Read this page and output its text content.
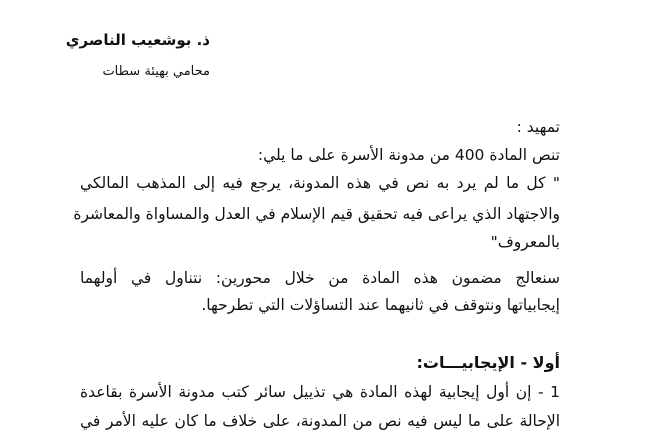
ذ. بوشعيب الناصري
محامي بهيئة سطات
تمهيد :
تنص المادة 400 من مدونة الأسرة على ما يلي:
" كل ما لم يرد به نص في هذه المدونة، يرجع فيه إلى المذهب المالكي
والاجتهاد الذي يراعى فيه تحقيق قيم الإسلام في العدل والمساواة والمعاشرة
بالمعروف"
سنعالج مضمون هذه المادة من خلال محورين: نتناول في أولهما
إيجابياتها ونتوقف في ثانيهما عند التساؤلات التي تطرحها.
أولا - الإيجابيـــات:
1 - إن أول إيجابية لهذه المادة هي تذييل سائر كتب مدونة الأسرة بقاعدة
الإحالة على ما ليس فيه نص من المدونة، على خلاف ما كان عليه الأمر في
